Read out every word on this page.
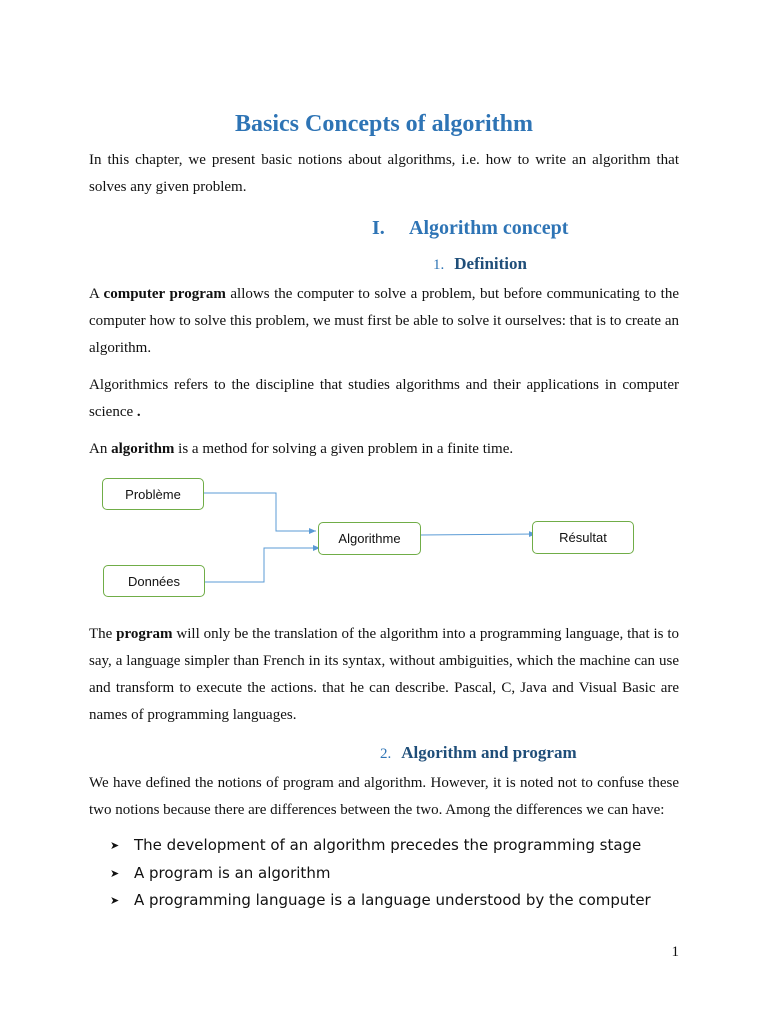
Basics Concepts of algorithm
In this chapter, we present basic notions about algorithms, i.e. how to write an algorithm that solves any given problem.
I. Algorithm concept
1. Definition
A computer program allows the computer to solve a problem, but before communicating to the computer how to solve this problem, we must first be able to solve it ourselves: that is to create an algorithm.
Algorithmics refers to the discipline that studies algorithms and their applications in computer science .
An algorithm is a method for solving a given problem in a finite time.
Problème
Données
Algorithme	Résultat
The program will only be the translation of the algorithm into a programming language, that is to say, a language simpler than French in its syntax, without ambiguities, which the machine can use and transform to execute the actions. that he can describe. Pascal, C, Java and Visual Basic are names of programming languages.
2. Algorithm and program
We have defined the notions of program and algorithm. However, it is noted not to confuse these two notions because there are differences between the two. Among the differences we can have:
➤ The development of an algorithm precedes the programming stage
➤ A program is an algorithm
➤ A programming language is a language understood by the computer
1
